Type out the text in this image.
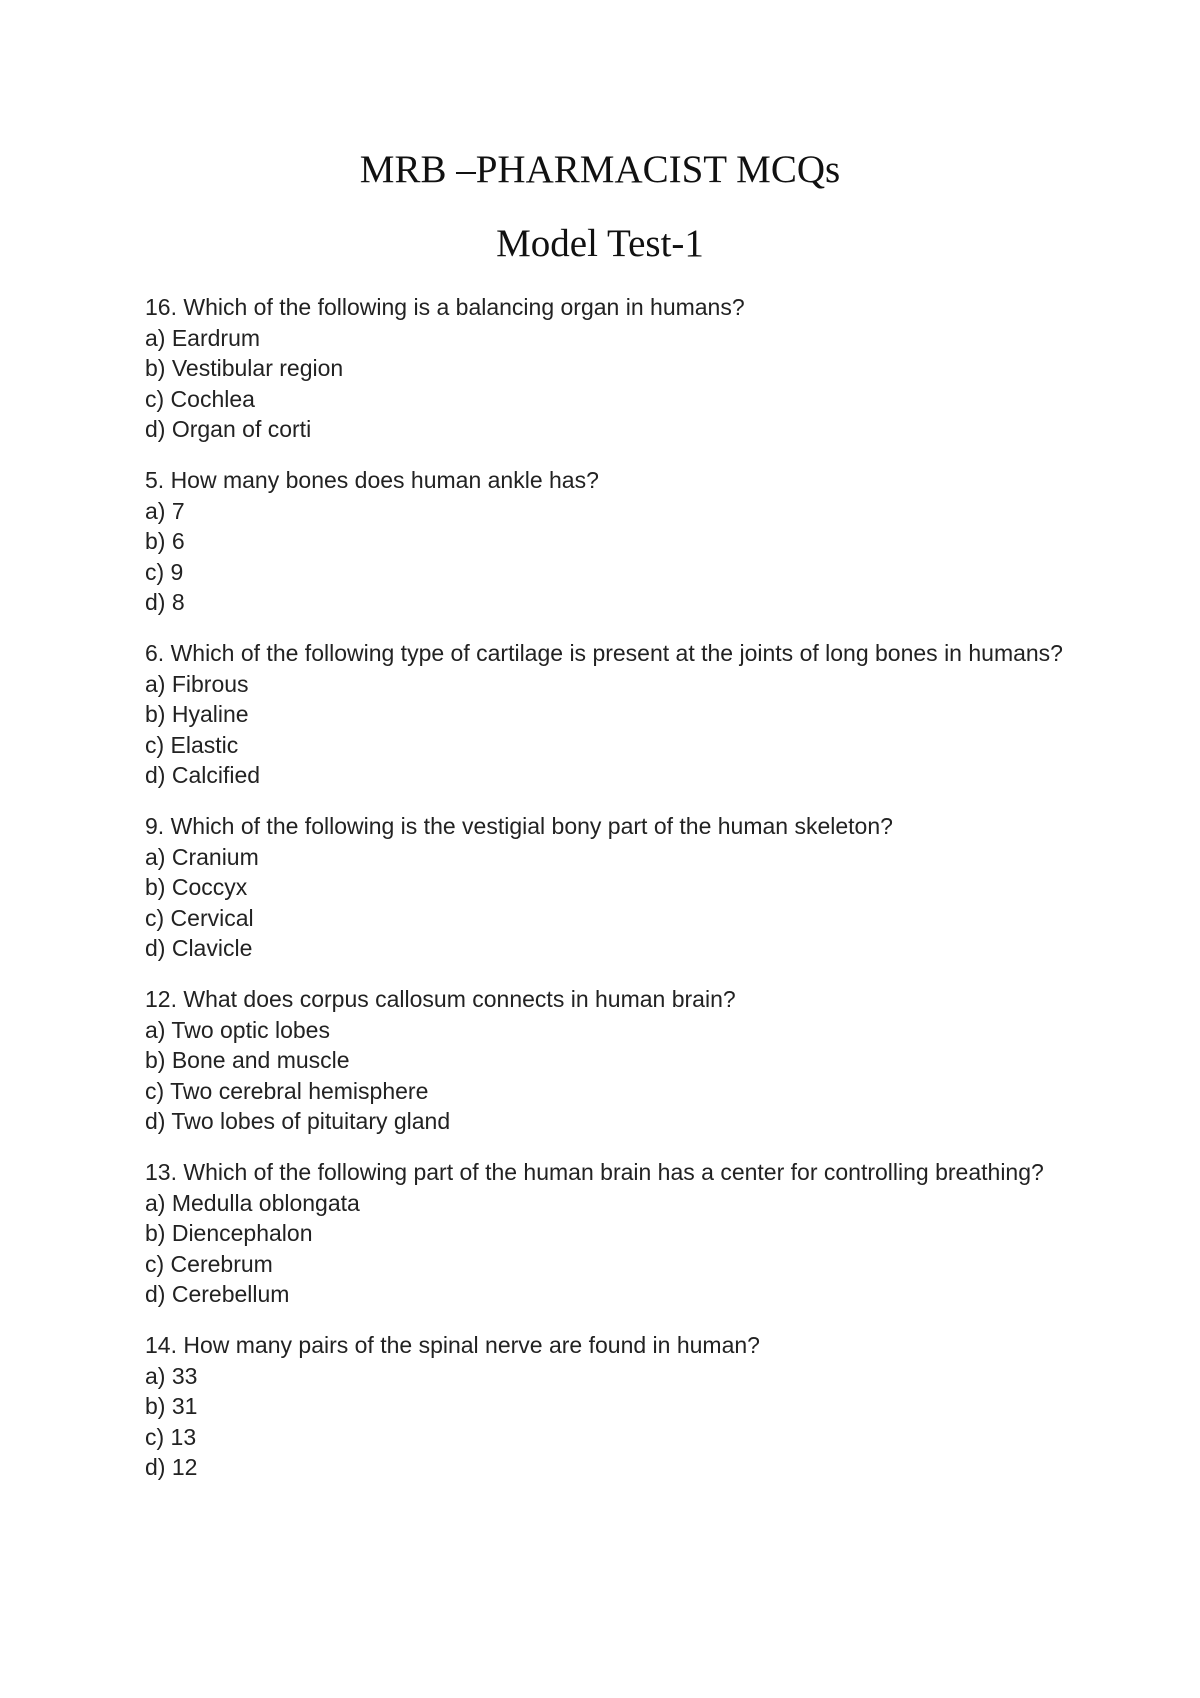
MRB –PHARMACIST MCQs
Model Test-1
16. Which of the following is a balancing organ in humans?
a) Eardrum
b) Vestibular region
c) Cochlea
d) Organ of corti
5. How many bones does human ankle has?
a) 7
b) 6
c) 9
d) 8
6. Which of the following type of cartilage is present at the joints of long bones in humans?
a) Fibrous
b) Hyaline
c) Elastic
d) Calcified
9. Which of the following is the vestigial bony part of the human skeleton?
a) Cranium
b) Coccyx
c) Cervical
d) Clavicle
12. What does corpus callosum connects in human brain?
a) Two optic lobes
b) Bone and muscle
c) Two cerebral hemisphere
d) Two lobes of pituitary gland
13. Which of the following part of the human brain has a center for controlling breathing?
a) Medulla oblongata
b) Diencephalon
c) Cerebrum
d) Cerebellum
14. How many pairs of the spinal nerve are found in human?
a) 33
b) 31
c) 13
d) 12
